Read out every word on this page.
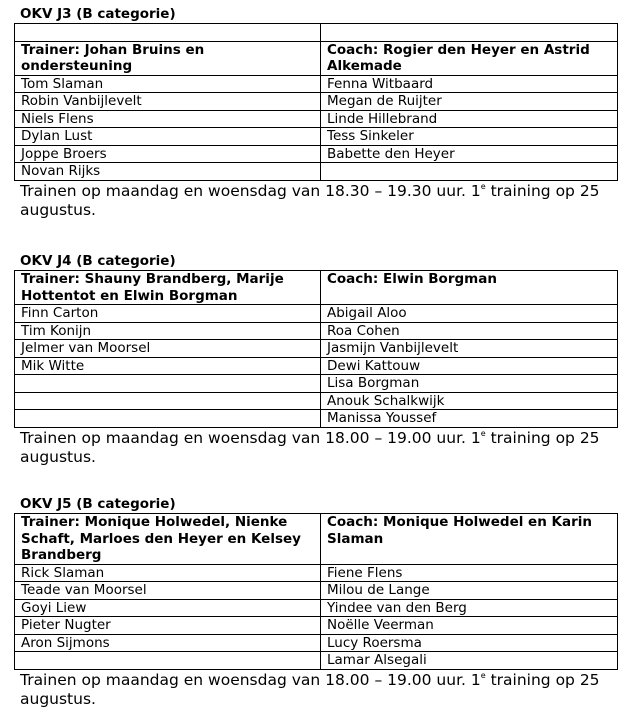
OKV J3 (B categorie)

Trainer: Johan Bruins en ondersteuning	Coach: Rogier den Heyer en Astrid Alkemade
Tom Slaman	Fenna Witbaard
Robin Vanbijlevelt	Megan de Ruijter
Niels Flens	Linde Hillebrand
Dylan Lust	Tess Sinkeler
Joppe Broers	Babette den Heyer
Novan Rijks	
Trainen op maandag en woensdag van 18.30 – 19.30 uur. 1e training op 25 augustus.
OKV J4 (B categorie)
Trainer: Shauny Brandberg, Marije Hottentot en Elwin Borgman	Coach: Elwin Borgman
Finn Carton	Abigail Aloo
Tim Konijn	Roa Cohen
Jelmer van Moorsel	Jasmijn Vanbijlevelt
Mik Witte	Dewi Kattouw
	Lisa Borgman
	Anouk Schalkwijk
	Manissa Youssef
Trainen op maandag en woensdag van 18.00 – 19.00 uur. 1e training op 25 augustus.
OKV J5 (B categorie)
Trainer: Monique Holwedel, Nienke Schaft, Marloes den Heyer en Kelsey Brandberg	Coach: Monique Holwedel en Karin Slaman
Rick Slaman	Fiene Flens
Teade van Moorsel	Milou de Lange
Goyi Liew	Yindee van den Berg
Pieter Nugter	Noëlle Veerman
Aron Sijmons	Lucy Roersma
	Lamar Alsegali
Trainen op maandag en woensdag van 18.00 – 19.00 uur. 1e training op 25 augustus.
